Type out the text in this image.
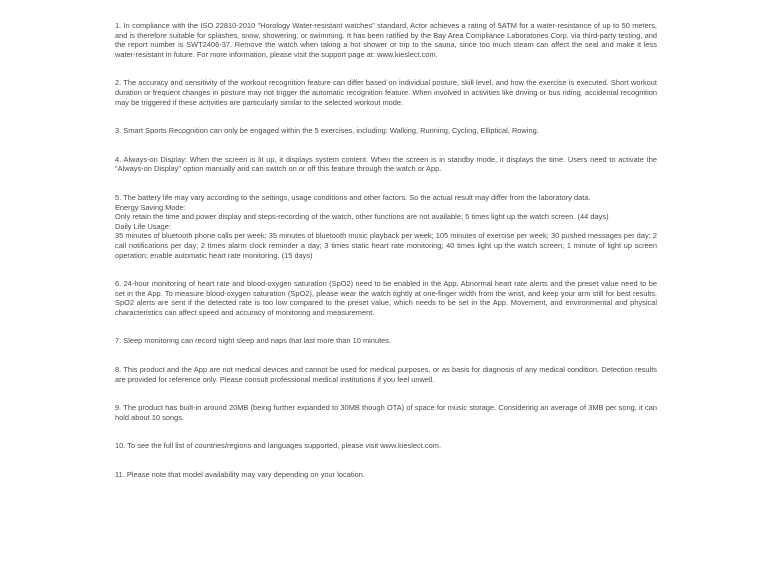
1. In compliance with the ISO 22810-2010 "Horology Water-resistant watches" standard, Actor achieves a rating of 5ATM for a water-resistance of up to 50 meters, and is therefore suitable for splashes, snow, showering, or swimming. It has been ratified by the Bay Area Compliance Laboratories Corp. via third-party testing, and the report number is SWT2406-37. Remove the watch when taking a hot shower or trip to the sauna, since too much steam can affect the seal and make it less water-resistant in future. For more information, please visit the support page at: www.kieslect.com.

2. The accuracy and sensitivity of the workout recognition feature can differ based on individual posture, skill level, and how the exercise is executed. Short workout duration or frequent changes in posture may not trigger the automatic recognition feature. When involved in activities like driving or bus riding, accidental recognition may be triggered if these activities are particularly similar to the selected workout mode.

3. Smart Sports Recognition can only be engaged within the 5 exercises, including: Walking, Running, Cycling, Elliptical, Rowing.

4. Always-on Display: When the screen is lit up, it displays system content. When the screen is in standby mode, it displays the time. Users need to activate the "Always-on Display" option manually and can switch on or off this feature through the watch or App.

5. The battery life may vary according to the settings, usage conditions and other factors. So the actual result may differ from the laboratory data.

Energy Saving Mode:

Only retain the time and power display and steps-recording of the watch, other functions are not available; 5 times light up the watch screen. (44 days)

Daily Life Usage:

35 minutes of bluetooth phone calls per week; 35 minutes of bluetooth music playback per week; 105 minutes of exercise per week; 30 pushed messages per day; 2 call notifications per day; 2 times alarm clock reminder a day; 3 times static heart rate monitoring; 40 times light up the watch screen; 1 minute of light up screen operation; enable automatic heart rate monitoring. (15 days)

6. 24-hour monitoring of heart rate and blood-oxygen saturation (SpO2) need to be enabled in the App. Abnormal heart rate alerts and the preset value need to be set in the App. To measure blood-oxygen saturation (SpO2), please wear the watch tightly at one-finger width from the wrist, and keep your arm still for best results. SpO2 alerts are sent if the detected rate is too low compared to the preset value, which needs to be set in the App. Movement, and environmental and physical characteristics can affect speed and accuracy of monitoring and measurement.

7. Sleep monitoring can record night sleep and naps that last more than 10 minutes.

8. This product and the App are not medical devices and cannot be used for medical purposes, or as basis for diagnosis of any medical condition. Detection results are provided for reference only. Please consult professional medical institutions if you feel unwell.

9. The product has built-in around 20MB (being further expanded to 30MB though OTA) of space for music storage. Considering an average of 3MB per song, it can hold about 10 songs.

10. To see the full list of countries/regions and languages supported, please visit www.kieslect.com.

11. Please note that model availability may vary depending on your location.
